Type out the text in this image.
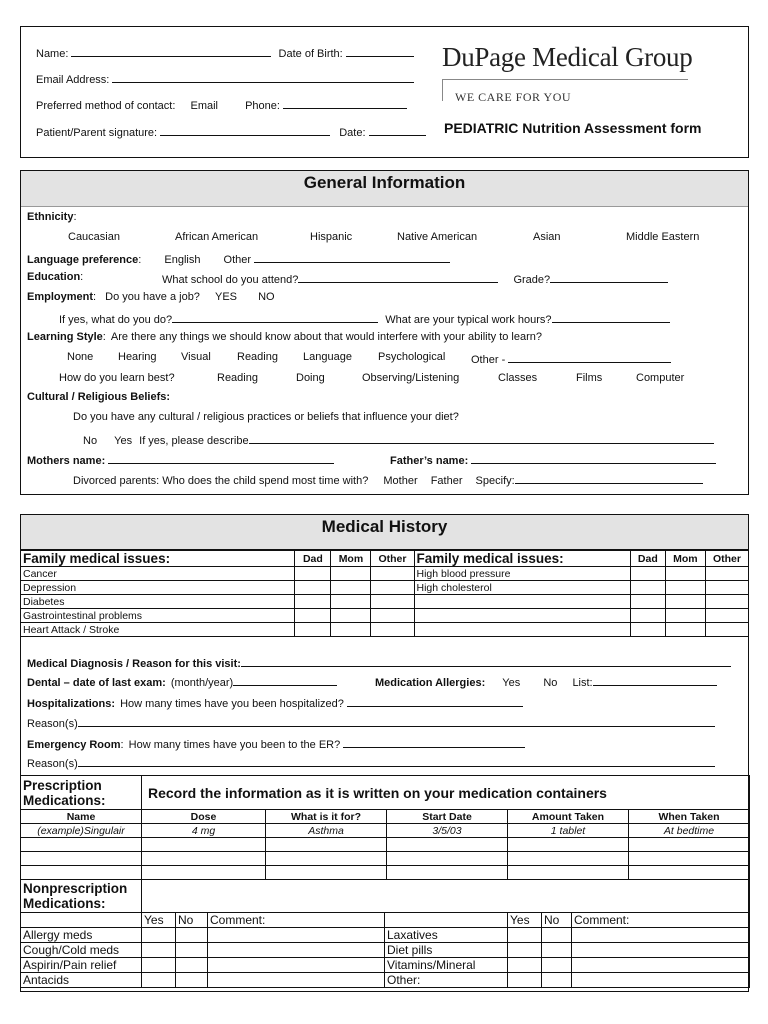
Name:	Date of Birth:
Email Address:
Preferred method of contact: Email Phone:
Patient/Parent signature:	Date:
DuPage Medical Group
WE CARE FOR YOU
PEDIATRIC Nutrition Assessment form
General Information
Ethnicity:
Caucasian	African American	Hispanic	Native American	Asian	Middle Eastern
Language preference: English Other
Education:	What school do you attend?	Grade?
Employment: Do you have a job? YES NO
If yes, what do you do?	What are your typical work hours?
Learning Style: Are there any things we should know about that would interfere with your ability to learn?
None Hearing Visual Reading Language Psychological Other -
How do you learn best?	Reading	Doing	Observing/Listening	Classes	Films	Computer
Cultural / Religious Beliefs:
Do you have any cultural / religious practices or beliefs that influence your diet?
No Yes If yes, please describe
Mothers name:	Father’s name:
Divorced parents: Who does the child spend most time with? Mother Father Specify:
Medical History
Family medical issues:	Dad	Mom	Other	Family medical issues:	Dad	Mom	Other
Cancer				High blood pressure			
Depression				High cholesterol			
Diabetes							
Gastrointestinal problems							
Heart Attack / Stroke							
Medical Diagnosis / Reason for this visit:
Dental – date of last exam: (month/year)	Medication Allergies: Yes No List:
Hospitalizations: How many times have you been hospitalized?
Reason(s)
Emergency Room: How many times have you been to the ER?
Reason(s)
Prescription Medications:	Record the information as it is written on your medication containers				
Name	Dose	What is it for?	Start Date	Amount Taken	When Taken
(example)Singulair	4 mg	Asthma	3/5/03	1 tablet	At bedtime

Nonprescription Medications:							
	Yes	No	Comment:		Yes	No	Comment:
Allergy meds				Laxatives			
Cough/Cold meds				Diet pills			
Aspirin/Pain relief				Vitamins/Mineral			
Antacids				Other:			
